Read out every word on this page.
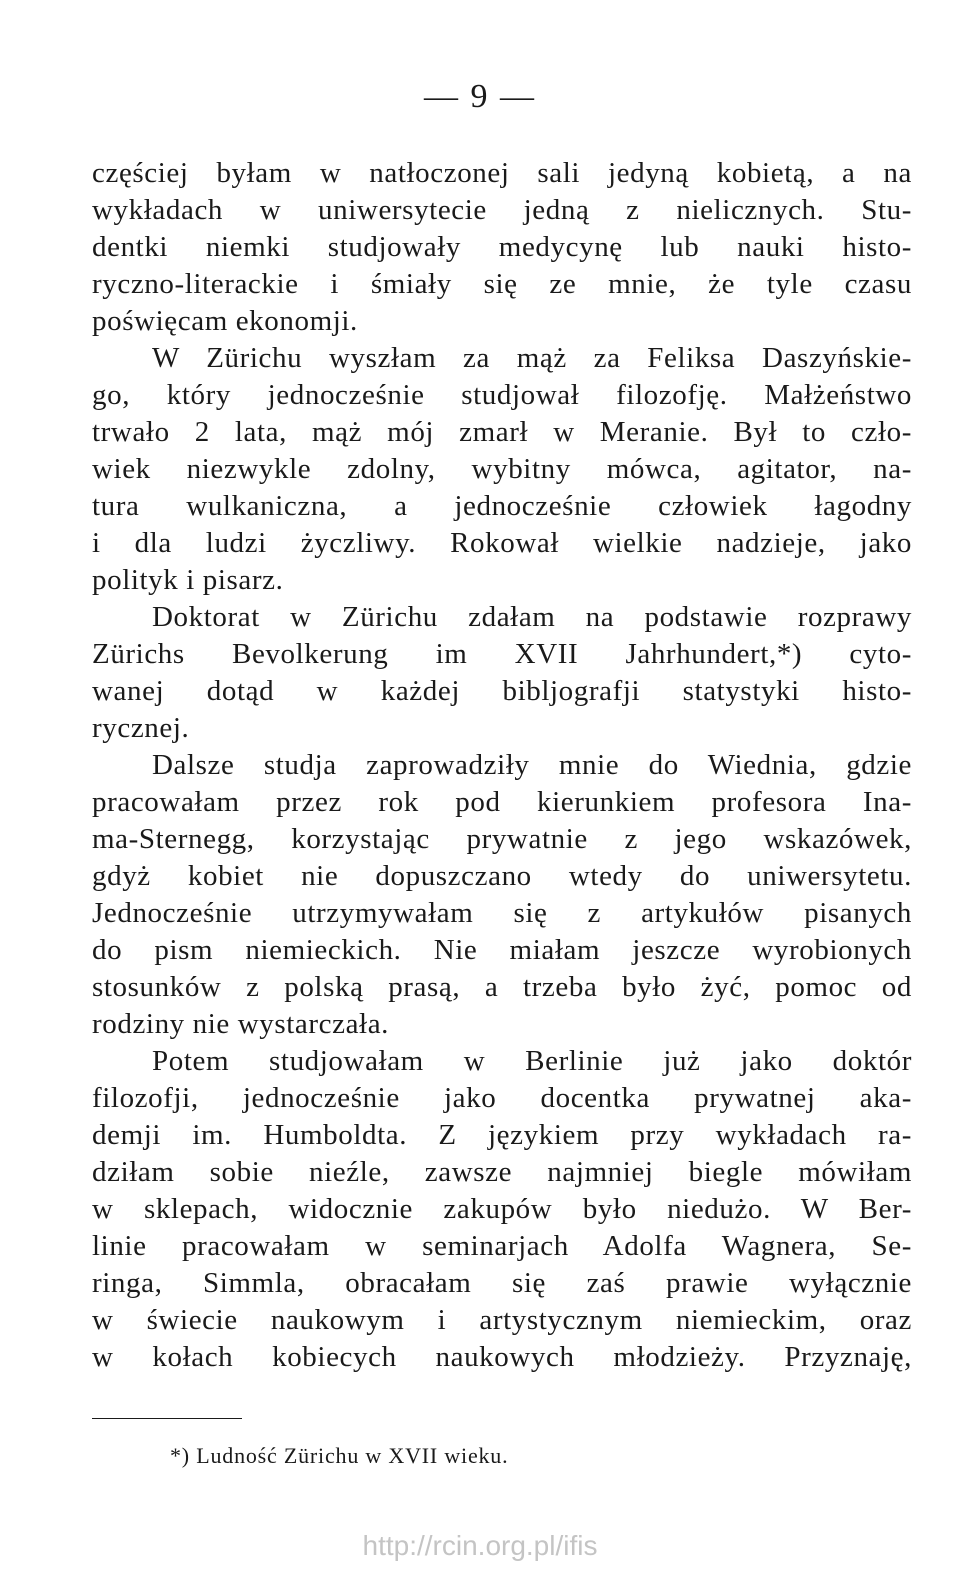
— 9 —
częściej byłam w natłoczonej sali jedyną kobietą, a na
wykładach w uniwersytecie jedną z nielicznych. Stu-
dentki niemki studjowały medycynę lub nauki histo-
ryczno-literackie i śmiały się ze mnie, że tyle czasu
poświęcam ekonomji.
W Zürichu wyszłam za mąż za Feliksa Daszyńskie-
go, który jednocześnie studjował filozofję. Małżeństwo
trwało 2 lata, mąż mój zmarł w Meranie. Był to czło-
wiek niezwykle zdolny, wybitny mówca, agitator, na-
tura wulkaniczna, a jednocześnie człowiek łagodny
i dla ludzi życzliwy. Rokował wielkie nadzieje, jako
polityk i pisarz.
Doktorat w Zürichu zdałam na podstawie rozprawy
Zürichs Bevolkerung im XVII Jahrhundert,*) cyto-
wanej dotąd w każdej bibljografji statystyki histo-
rycznej.
Dalsze studja zaprowadziły mnie do Wiednia, gdzie
pracowałam przez rok pod kierunkiem profesora Ina-
ma-Sternegg, korzystając prywatnie z jego wskazówek,
gdyż kobiet nie dopuszczano wtedy do uniwersytetu.
Jednocześnie utrzymywałam się z artykułów pisanych
do pism niemieckich. Nie miałam jeszcze wyrobionych
stosunków z polską prasą, a trzeba było żyć, pomoc od
rodziny nie wystarczała.
Potem studjowałam w Berlinie już jako doktór
filozofji, jednocześnie jako docentka prywatnej aka-
demji im. Humboldta. Z językiem przy wykładach ra-
dziłam sobie nieźle, zawsze najmniej biegle mówiłam
w sklepach, widocznie zakupów było niedużo. W Ber-
linie pracowałam w seminarjach Adolfa Wagnera, Se-
ringa, Simmla, obracałam się zaś prawie wyłącznie
w świecie naukowym i artystycznym niemieckim, oraz
w kołach kobiecych naukowych młodzieży. Przyznaję,
*) Ludność Zürichu w XVII wieku.
http://rcin.org.pl/ifis
